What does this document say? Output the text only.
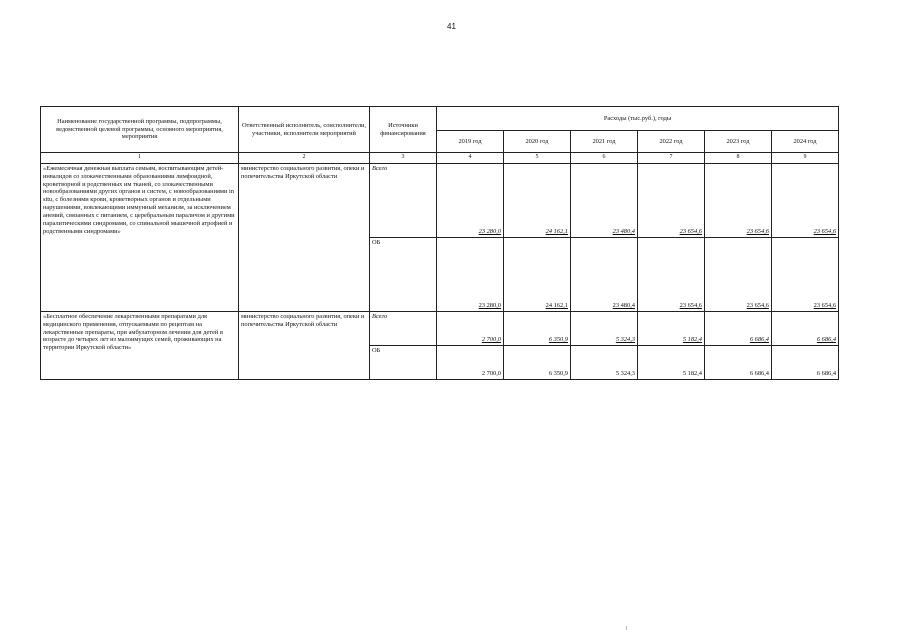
41
Наименование государственной программы, подпрограммы, ведомственной целевой программы, основного мероприятия, мероприятия	Ответственный исполнитель, соисполнители, участники, исполнители мероприятий	Источники финансирования	Расходы (тыс.руб.), годы					
			2019 год	2020 год	2021 год	2022 год	2023 год	2024 год
1	2	3	4	5	6	7	8	9
«Ежемесячная денежная выплата семьям, воспитывающим детей-инвалидов со злокачественными образованиями лимфоидной, кроветворной и родственных им тканей, со злокачественными новообразованиями других органов и систем, с новообразованиями in situ, с болезнями крови, кроветворных органов и отдельными нарушениями, вовлекающими иммунный механизм, за исключением анемий, связанных с питанием, с церебральным параличом и другими паралитическими синдромами, со спинальной мышечной атрофией и родственными синдромами»	министерство социального развития, опеки и попечительства Иркутской области	Всего	23 280,0	24 162,1	23 480,4	23 654,6	23 654,6	23 654,6
		ОБ	23 280,0	24 162,1	23 480,4	23 654,6	23 654,6	23 654,6
«Бесплатное обеспечение лекарственными препаратами для медицинского применения, отпускаемыми по рецептам на лекарственные препараты, при амбулаторном лечении для детей в возрасте до четырех лет из малоимущих семей, проживающих на территории Иркутской области»	министерство социального развития, опеки и попечительства Иркутской области	Всего	2 700,0	6 350,9	5 324,3	5 182,4	6 686,4	6 686,4
		ОБ	2 700,0	6 350,9	5 324,3	5 182,4	6 686,4	6 686,4
